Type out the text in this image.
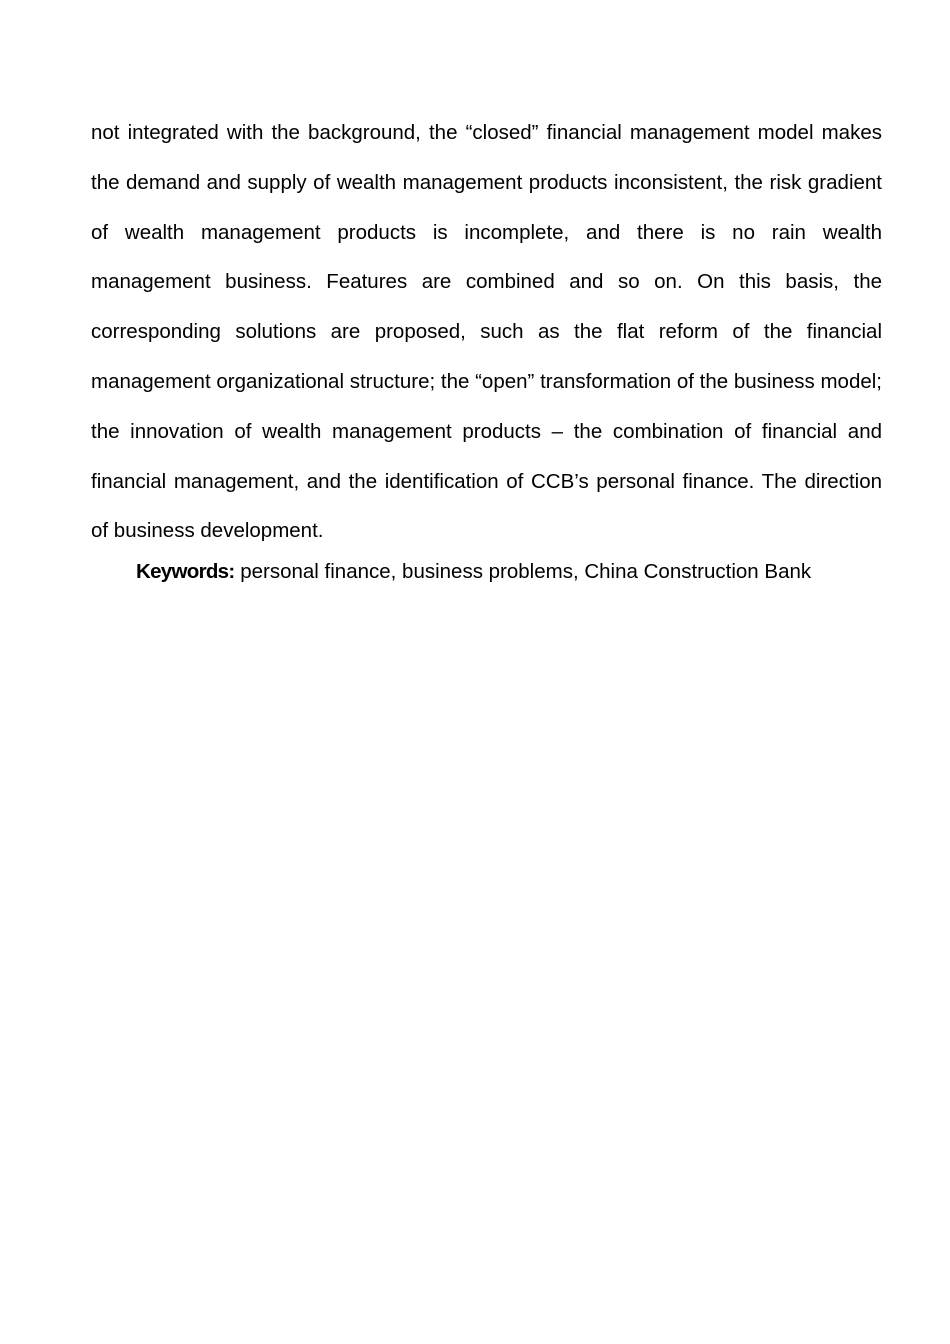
not integrated with the background, the “closed” financial management model makes the demand and supply of wealth management products inconsistent, the risk gradient of wealth management products is incomplete, and there is no rain wealth management business. Features are combined and so on. On this basis, the corresponding solutions are proposed, such as the flat reform of the financial management organizational structure; the “open” transformation of the business model; the innovation of wealth management products – the combination of financial and financial management, and the identification of CCB’s personal finance. The direction of business development.

Keywords: personal finance, business problems, China Construction Bank
